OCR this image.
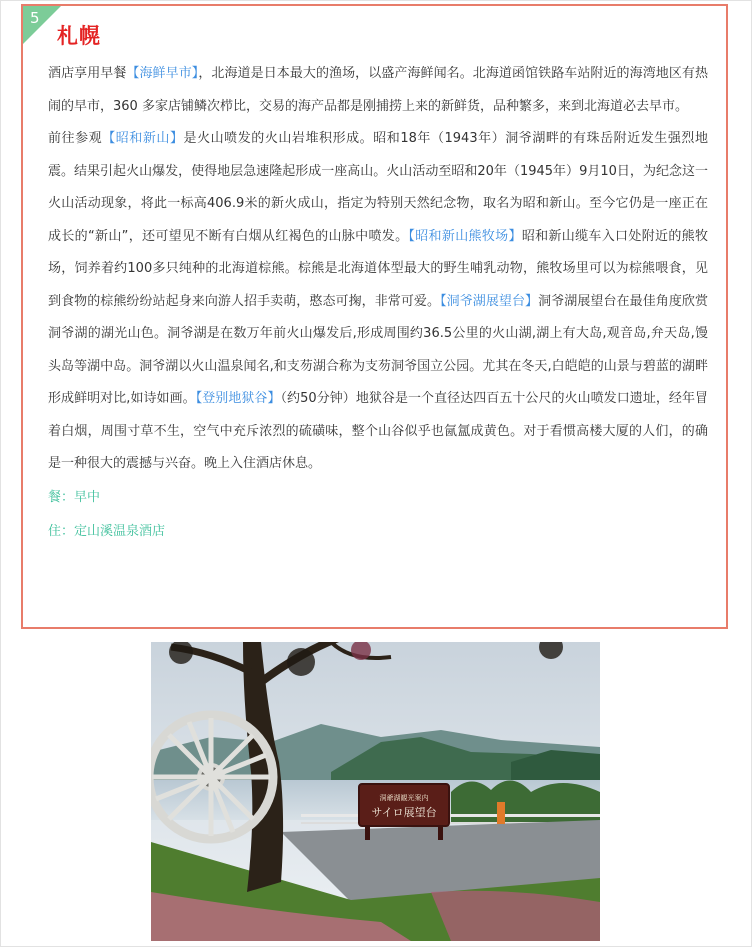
5
札幌

酒店享用早餐【海鲜早市】，北海道是日本最大的渔场，以盛产海鲜闻名。北海道函馆铁路车站附近的海湾地区有热闹的早市，360 多家店铺鳞次栉比，交易的海产品都是刚捕捞上来的新鲜货，品种繁多，来到北海道必去早市。

前往参观【昭和新山】是火山喷发的火山岩堆积形成。昭和18年（1943年）洞爷湖畔的有珠岳附近发生强烈地震。结果引起火山爆发，使得地层急速隆起形成一座高山。火山活动至昭和20年（1945年）9月10日，为纪念这一火山活动现象，将此一标高406.9米的新火成山，指定为特别天然纪念物，取名为昭和新山。至今它仍是一座正在成长的“新山”，还可望见不断有白烟从红褐色的山脉中喷发。【昭和新山熊牧场】昭和新山缆车入口处附近的熊牧场，饲养着约100多只纯种的北海道棕熊。棕熊是北海道体型最大的野生哺乳动物，熊牧场里可以为棕熊喂食，见到食物的棕熊纷纷站起身来向游人招手卖萌，憨态可掬，非常可爱。【洞爷湖展望台】洞爷湖展望台在最佳角度欣赏洞爷湖的湖光山色。洞爷湖是在数万年前火山爆发后,形成周围约36.5公里的火山湖,湖上有大岛,观音岛,弁天岛,馒头岛等湖中岛。洞爷湖以火山温泉闻名,和支芴湖合称为支芴洞爷国立公园。尤其在冬天,白皑皑的山景与碧蓝的湖畔形成鲜明对比,如诗如画。【登别地狱谷】（约50分钟）地狱谷是一个直径达四百五十公尺的火山喷发口遗址，经年冒着白烟，周围寸草不生，空气中充斥浓烈的硫磺味，整个山谷似乎也氤氲成黄色。对于看惯高楼大厦的人们，的确是一种很大的震撼与兴奋。晚上入住酒店休息。

餐：早中
住：定山溪温泉酒店
洞爺湖観光案内
サイロ展望台
